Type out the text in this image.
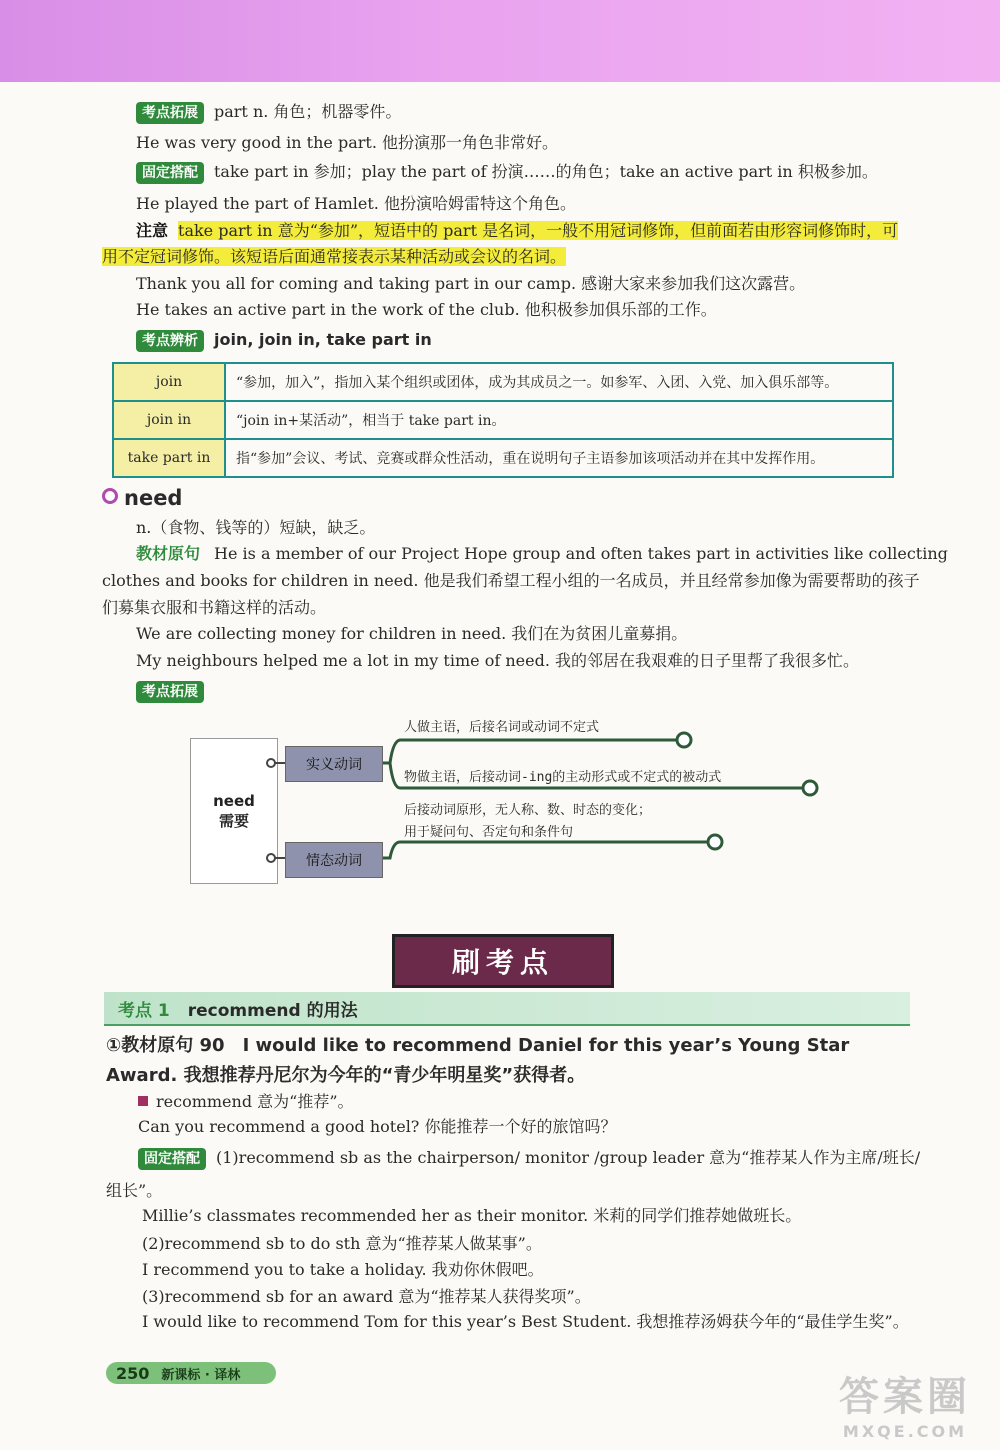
考点拓展 part n. 角色；机器零件。
He was very good in the part. 他扮演那一角色非常好。
固定搭配 take part in 参加；play the part of 扮演……的角色；take an active part in 积极参加。
He played the part of Hamlet. 他扮演哈姆雷特这个角色。
注意 take part in 意为“参加”，短语中的 part 是名词，一般不用冠词修饰，但前面若由形容词修饰时，可
用不定冠词修饰。该短语后面通常接表示某种活动或会议的名词。
Thank you all for coming and taking part in our camp. 感谢大家来参加我们这次露营。
He takes an active part in the work of the club. 他积极参加俱乐部的工作。
考点辨析 join, join in, take part in
join	“参加，加入”，指加入某个组织或团体，成为其成员之一。如参军、入团、入党、加入俱乐部等。
join in	“join in+某活动”，相当于 take part in。
take part in	指“参加”会议、考试、竞赛或群众性活动，重在说明句子主语参加该项活动并在其中发挥作用。
need
n.（食物、钱等的）短缺，缺乏。
教材原句 He is a member of our Project Hope group and often takes part in activities like collecting
clothes and books for children in need. 他是我们希望工程小组的一名成员，并且经常参加像为需要帮助的孩子
们募集衣服和书籍这样的活动。
We are collecting money for children in need. 我们在为贫困儿童募捐。
My neighbours helped me a lot in my time of need. 我的邻居在我艰难的日子里帮了我很多忙。
考点拓展
need
需要
实义动词
情态动词
人做主语，后接名词或动词不定式
物做主语，后接动词-ing的主动形式或不定式的被动式
后接动词原形，无人称、数、时态的变化；
用于疑问句、否定句和条件句
刷考点
考点 1 recommend 的用法
①教材原句 90 I would like to recommend Daniel for this year’s Young Star
Award. 我想推荐丹尼尔为今年的“青少年明星奖”获得者。
recommend 意为“推荐”。
Can you recommend a good hotel? 你能推荐一个好的旅馆吗？
固定搭配 (1)recommend sb as the chairperson/ monitor /group leader 意为“推荐某人作为主席/班长/
组长”。
Millie’s classmates recommended her as their monitor. 米莉的同学们推荐她做班长。
(2)recommend sb to do sth 意为“推荐某人做某事”。
I recommend you to take a holiday. 我劝你休假吧。
(3)recommend sb for an award 意为“推荐某人获得奖项”。
I would like to recommend Tom for this year’s Best Student. 我想推荐汤姆获今年的“最佳学生奖”。
250 新课标 · 译林	答案圈
MXQE.COM
